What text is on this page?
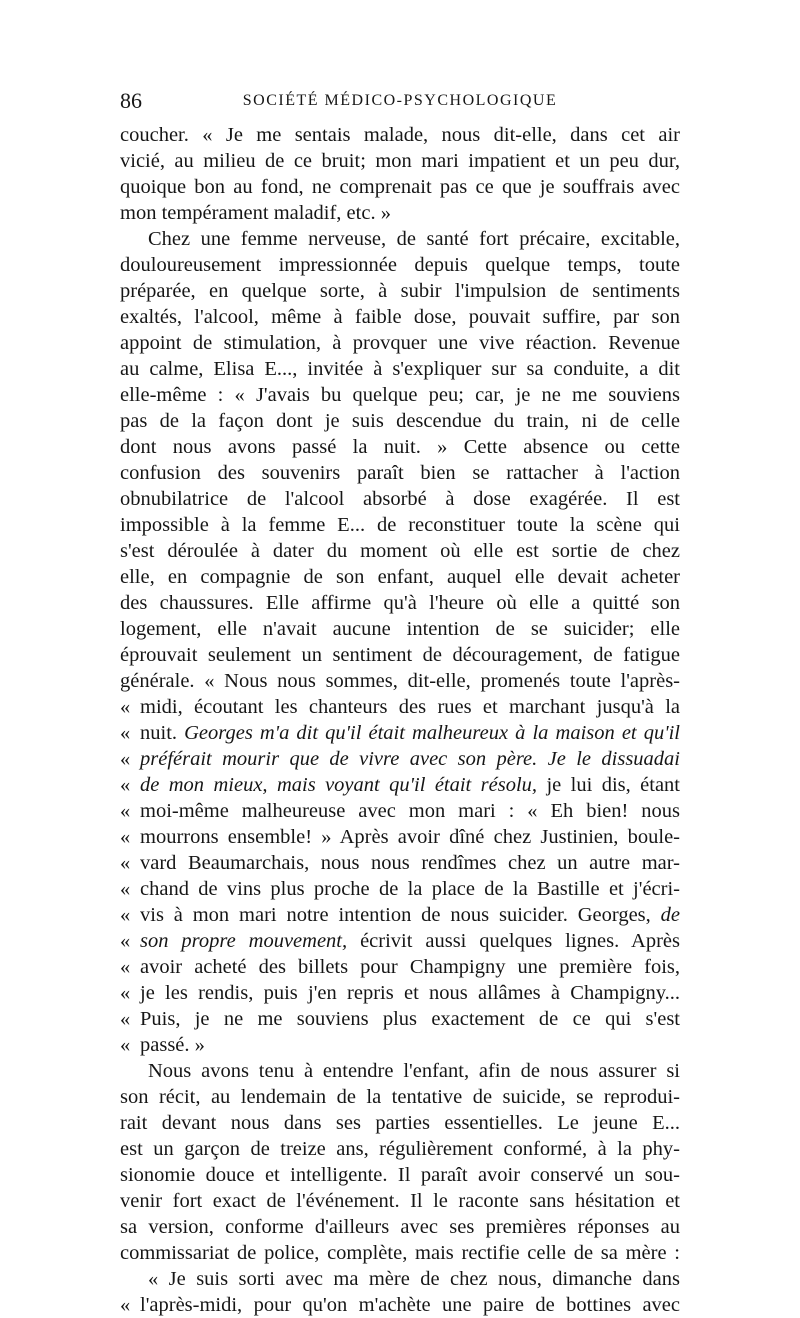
86	SOCIÉTÉ MÉDICO-PSYCHOLOGIQUE
coucher. « Je me sentais malade, nous dit-elle, dans cet air
vicié, au milieu de ce bruit; mon mari impatient et un peu dur,
quoique bon au fond, ne comprenait pas ce que je souffrais avec
mon tempérament maladif, etc. »
Chez une femme nerveuse, de santé fort précaire, excitable,
douloureusement impressionnée depuis quelque temps, toute
préparée, en quelque sorte, à subir l'impulsion de sentiments
exaltés, l'alcool, même à faible dose, pouvait suffire, par son
appoint de stimulation, à provquer une vive réaction. Revenue
au calme, Elisa E..., invitée à s'expliquer sur sa conduite, a dit
elle-même : « J'avais bu quelque peu; car, je ne me souviens
pas de la façon dont je suis descendue du train, ni de celle
dont nous avons passé la nuit. » Cette absence ou cette
confusion des souvenirs paraît bien se rattacher à l'action
obnubilatrice de l'alcool absorbé à dose exagérée. Il est
impossible à la femme E... de reconstituer toute la scène qui
s'est déroulée à dater du moment où elle est sortie de chez
elle, en compagnie de son enfant, auquel elle devait acheter
des chaussures. Elle affirme qu'à l'heure où elle a quitté son
logement, elle n'avait aucune intention de se suicider; elle
éprouvait seulement un sentiment de découragement, de fatigue
générale. « Nous nous sommes, dit-elle, promenés toute l'après-
« midi, écoutant les chanteurs des rues et marchant jusqu'à la
« nuit. Georges m'a dit qu'il était malheureux à la maison et qu'il
« préférait mourir que de vivre avec son père. Je le dissuadai
« de mon mieux, mais voyant qu'il était résolu, je lui dis, étant
« moi-même malheureuse avec mon mari : « Eh bien! nous
« mourrons ensemble! » Après avoir dîné chez Justinien, boule-
« vard Beaumarchais, nous nous rendîmes chez un autre mar-
« chand de vins plus proche de la place de la Bastille et j'écri-
« vis à mon mari notre intention de nous suicider. Georges, de
« son propre mouvement, écrivit aussi quelques lignes. Après
« avoir acheté des billets pour Champigny une première fois,
« je les rendis, puis j'en repris et nous allâmes à Champigny...
« Puis, je ne me souviens plus exactement de ce qui s'est
« passé. »
Nous avons tenu à entendre l'enfant, afin de nous assurer si
son récit, au lendemain de la tentative de suicide, se reprodui-
rait devant nous dans ses parties essentielles. Le jeune E...
est un garçon de treize ans, régulièrement conformé, à la phy-
sionomie douce et intelligente. Il paraît avoir conservé un sou-
venir fort exact de l'événement. Il le raconte sans hésitation et
sa version, conforme d'ailleurs avec ses premières réponses au
commissariat de police, complète, mais rectifie celle de sa mère :
« Je suis sorti avec ma mère de chez nous, dimanche dans
« l'après-midi, pour qu'on m'achète une paire de bottines avec
